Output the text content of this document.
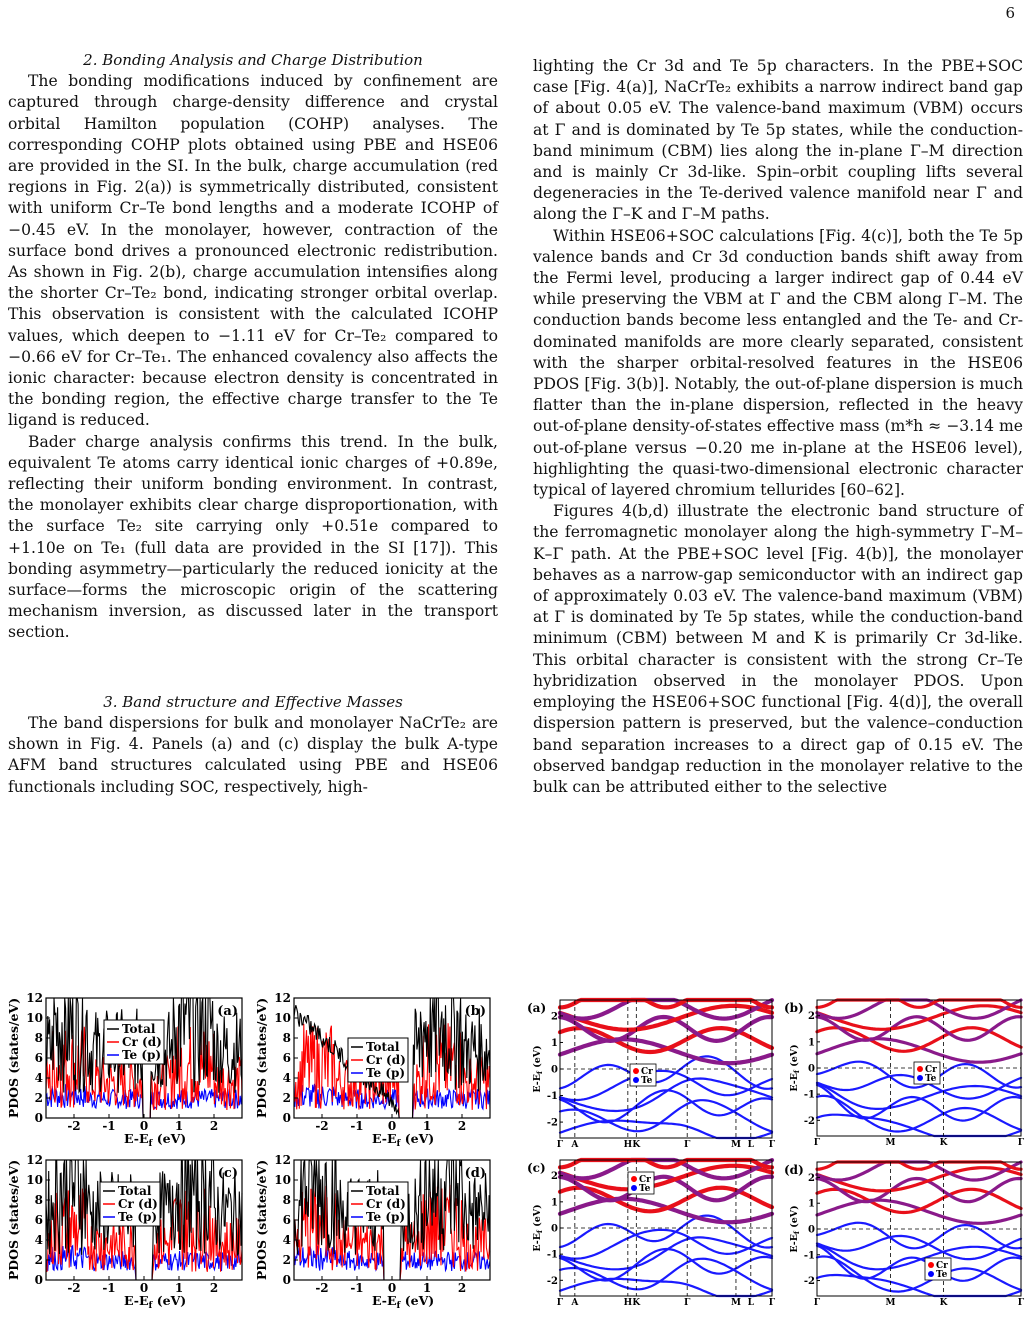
6

2. Bonding Analysis and Charge Distribution

The bonding modifications induced by confinement are captured through charge-density difference and crystal orbital Hamilton population (COHP) analyses. The corresponding COHP plots obtained using PBE and HSE06 are provided in the SI. In the bulk, charge accumulation (red regions in Fig. 2(a)) is symmetrically distributed, consistent with uniform Cr–Te bond lengths and a moderate ICOHP of −0.45 eV. In the monolayer, however, contraction of the surface bond drives a pronounced electronic redistribution. As shown in Fig. 2(b), charge accumulation intensifies along the shorter Cr–Te₂ bond, indicating stronger orbital overlap. This observation is consistent with the calculated ICOHP values, which deepen to −1.11 eV for Cr–Te₂ compared to −0.66 eV for Cr–Te₁. The enhanced covalency also affects the ionic character: because electron density is concentrated in the bonding region, the effective charge transfer to the Te ligand is reduced.

Bader charge analysis confirms this trend. In the bulk, equivalent Te atoms carry identical ionic charges of +0.89e, reflecting their uniform bonding environment. In contrast, the monolayer exhibits clear charge disproportionation, with the surface Te₂ site carrying only +0.51e compared to +1.10e on Te₁ (full data are provided in the SI [17]). This bonding asymmetry—particularly the reduced ionicity at the surface—forms the microscopic origin of the scattering mechanism inversion, as discussed later in the transport section.

3. Band structure and Effective Masses

The band dispersions for bulk and monolayer NaCrTe₂ are shown in Fig. 4. Panels (a) and (c) display the bulk A-type AFM band structures calculated using PBE and HSE06 functionals including SOC, respectively, high-

lighting the Cr 3d and Te 5p characters. In the PBE+SOC case [Fig. 4(a)], NaCrTe₂ exhibits a narrow indirect band gap of about 0.05 eV. The valence-band maximum (VBM) occurs at Γ and is dominated by Te 5p states, while the conduction-band minimum (CBM) lies along the in-plane Γ–M direction and is mainly Cr 3d-like. Spin–orbit coupling lifts several degeneracies in the Te-derived valence manifold near Γ and along the Γ–K and Γ–M paths.

Within HSE06+SOC calculations [Fig. 4(c)], both the Te 5p valence bands and Cr 3d conduction bands shift away from the Fermi level, producing a larger indirect gap of 0.44 eV while preserving the VBM at Γ and the CBM along Γ–M. The conduction bands become less entangled and the Te- and Cr-dominated manifolds are more clearly separated, consistent with the sharper orbital-resolved features in the HSE06 PDOS [Fig. 3(b)]. Notably, the out-of-plane dispersion is much flatter than the in-plane dispersion, reflected in the heavy out-of-plane density-of-states effective mass (m*h ≈ −3.14 me out-of-plane versus −0.20 me in-plane at the HSE06 level), highlighting the quasi-two-dimensional electronic character typical of layered chromium tellurides [60–62].

Figures 4(b,d) illustrate the electronic band structure of the ferromagnetic monolayer along the high-symmetry Γ–M–K–Γ path. At the PBE+SOC level [Fig. 4(b)], the monolayer behaves as a narrow-gap semiconductor with an indirect gap of approximately 0.03 eV. The valence-band maximum (VBM) at Γ is dominated by Te 5p states, while the conduction-band minimum (CBM) between M and K is primarily Cr 3d-like. This orbital character is consistent with the strong Cr–Te hybridization observed in the monolayer PDOS. Upon employing the HSE06+SOC functional [Fig. 4(d)], the overall dispersion pattern is preserved, but the valence–conduction band separation increases to a direct gap of 0.15 eV. The observed bandgap reduction in the monolayer relative to the bulk can be attributed either to the selective

0
2
4
6
8
10
12
-2 -1 0 1 2
$E-E_f$ (eV)
PDOS (states/eV)	(a)
Total
Cr (d)
Te (p)
0
2
4
6
8
10
12
-2 -1 0 1 2
$E-E_f$ (eV)
PDOS (states/eV)	(b)
Total
Cr (d)
Te (p)
0
2
4
6
8
10
12
-2 -1 0 1 2
$E-E_f$ (eV)
PDOS (states/eV)	(c)
Total
Cr (d)
Te (p)
0
2
4
6
8
10
12
-2 -1 0 1 2
$E-E_f$ (eV)
PDOS (states/eV)	(d)
Total
Cr (d)
Te (p)
Γ A	H K	Γ	M L Γ
-2
-1
0
1
2
$E-E_f$ (eV)
(a)
Cr
Te
Γ	M	K	Γ
-2
-1
0
1
2
$E-E_f$ (eV)
(b)
Cr
Te
Γ A	H K	Γ	M L Γ
-2
-1
0
1
2
$E-E_f$ (eV)
(c)
Cr
Te
Γ	M	K	Γ
-2
-1
0
1
2
$E-E_f$ (eV)
(d)
Cr
Te
